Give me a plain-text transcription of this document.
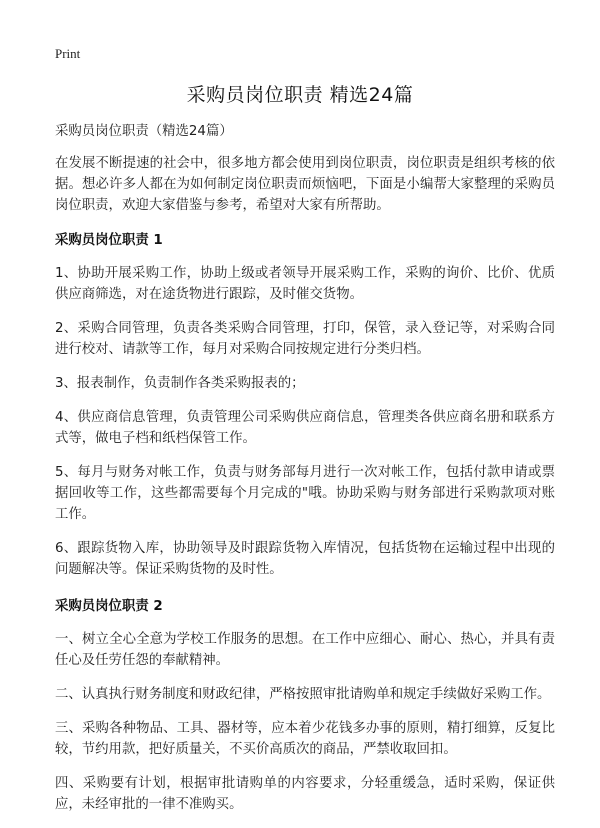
Print
采购员岗位职责 精选24篇

采购员岗位职责（精选24篇）

在发展不断提速的社会中，很多地方都会使用到岗位职责，岗位职责是组织考核的依据。想必许多人都在为如何制定岗位职责而烦恼吧，下面是小编帮大家整理的采购员岗位职责，欢迎大家借鉴与参考，希望对大家有所帮助。

采购员岗位职责 1

1、协助开展采购工作，协助上级或者领导开展采购工作，采购的询价、比价、优质供应商筛选，对在途货物进行跟踪，及时催交货物。

2、采购合同管理，负责各类采购合同管理，打印，保管，录入登记等，对采购合同进行校对、请款等工作，每月对采购合同按规定进行分类归档。

3、报表制作，负责制作各类采购报表的；

4、供应商信息管理，负责管理公司采购供应商信息，管理类各供应商名册和联系方式等，做电子档和纸档保管工作。

5、每月与财务对帐工作，负责与财务部每月进行一次对帐工作，包括付款申请或票据回收等工作，这些都需要每个月完成的"哦。协助采购与财务部进行采购款项对账工作。

6、跟踪货物入库，协助领导及时跟踪货物入库情况，包括货物在运输过程中出现的问题解决等。保证采购货物的及时性。

采购员岗位职责 2

一、树立全心全意为学校工作服务的思想。在工作中应细心、耐心、热心，并具有责任心及任劳任怨的奉献精神。

二、认真执行财务制度和财政纪律，严格按照审批请购单和规定手续做好采购工作。

三、采购各种物品、工具、器材等，应本着少花钱多办事的原则，精打细算，反复比较，节约用款，把好质量关，不买价高质次的商品，严禁收取回扣。

四、采购要有计划，根据审批请购单的内容要求，分轻重缓急，适时采购，保证供应，未经审批的一律不准购买。
